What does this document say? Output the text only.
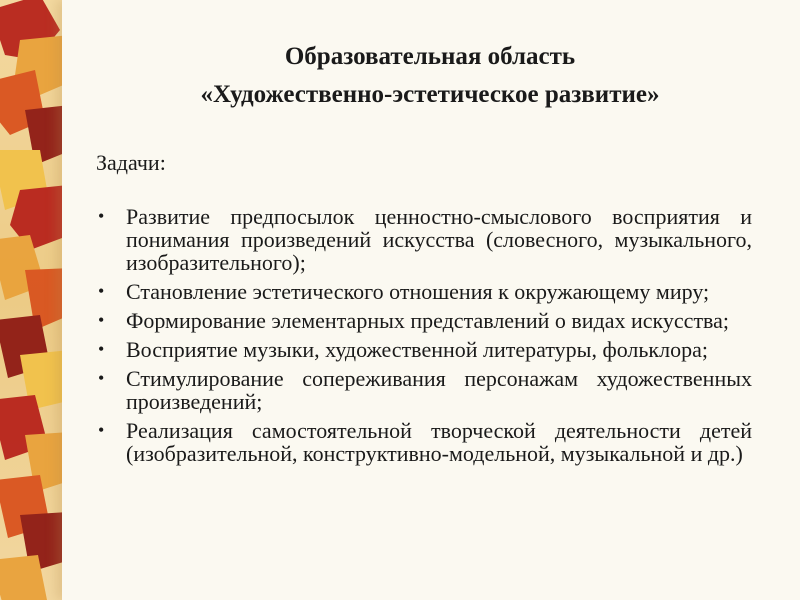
Образовательная область
«Художественно-эстетическое развитие»
Задачи:
• Развитие предпосылок ценностно-смыслового восприятия и понимания произведений искусства (словесного, музыкального, изобразительного);
• Становление эстетического отношения к окружающему миру;
• Формирование элементарных представлений о видах искусства;
• Восприятие музыки, художественной литературы, фольклора;
• Стимулирование сопереживания персонажам художественных произведений;
• Реализация самостоятельной творческой деятельности детей (изобразительной, конструктивно-модельной, музыкальной и др.)
